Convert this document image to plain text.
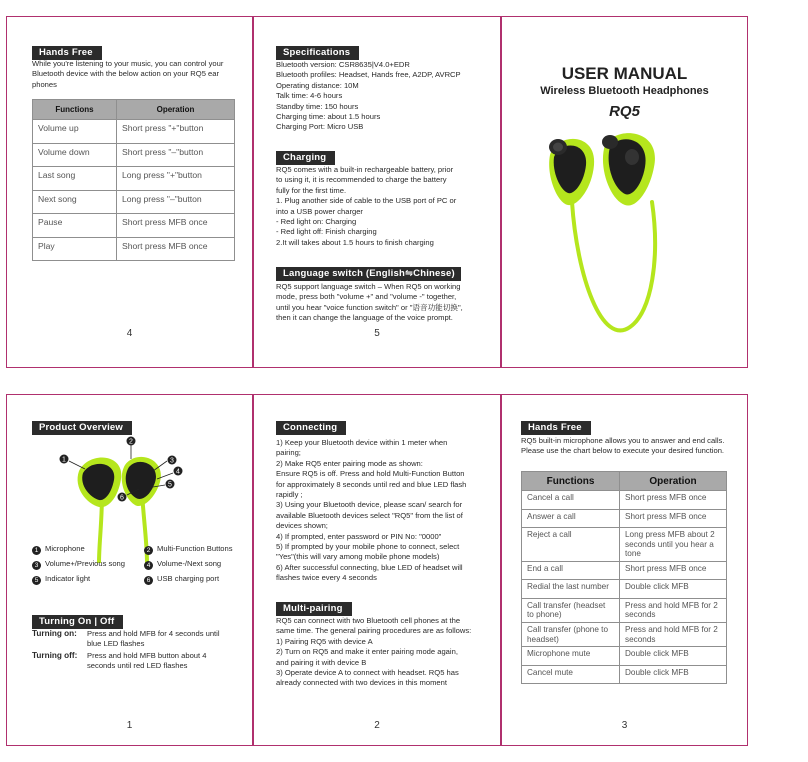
Hands Free
While you're listening to your music, you can control your Bluetooth device with the below action on your RQ5 ear phones
Functions	Operation
Volume up	Short press "+"button
Volume down	Short press "–"button
Last song	Long press "+"button
Next song	Long press "–"button
Pause	Short press MFB once
Play	Short press MFB once
4
Specifications
Bluetooth version: CSR8635|V4.0+EDR
Bluetooth profiles: Headset, Hands free, A2DP, AVRCP
Operating distance: 10M
Talk time: 4-6 hours
Standby time: 150 hours
Charging time: about 1.5 hours
Charging Port: Micro USB
Charging
RQ5 comes with a built-in rechargeable battery, prior
to using it, it is recommended to charge the battery
fully for the first time.
1. Plug another side of cable to the USB port of PC or
into a USB power charger
- Red light on: Charging
- Red light off: Finish charging
2.It will takes about 1.5 hours to finish charging
Language switch (English⇋Chinese)
RQ5 support language switch – When RQ5 on working
mode, press both "volume +" and "volume -" together,
until you hear "voice function switch" or "语音功能切换",
then it can change the language of the voice prompt.
5
USER MANUAL
Wireless Bluetooth Headphones
RQ5
Product Overview
1
2
3
4
5
6
1 Microphone	2 Multi-Function Buttons
3 Volume+/Previous song	4 Volume-/Next song
5 Indicator light	6 USB charging port
Turning On | Off
Turning on:	Press and hold MFB for 4 seconds until blue LED flashes
Turning off:	Press and hold MFB button about 4 seconds until red LED flashes
1
Connecting
1) Keep your Bluetooth device within 1 meter when
pairing;
2) Make RQ5 enter pairing mode as shown:
Ensure RQ5 is off. Press and hold Multi-Function Button
for approximately 8 seconds until red and blue LED flash
rapidly ;
3) Using your Bluetooth device, please scan/ search for
available Bluetooth devices select "RQ5" from the list of
devices shown;
4) If prompted, enter password or PIN No: "0000"
5) If prompted by your mobile phone to connect, select
"Yes"(this will vary among mobile phone models)
6) After successful connecting, blue LED of headset will
flashes twice every 4 seconds
Multi-pairing
RQ5 can connect with two Bluetooth cell phones at the
same time. The general pairing procedures are as follows:
1) Pairing RQ5 with device A
2) Turn on RQ5 and make it enter pairing mode again,
and pairing it with device B
3) Operate device A to connect with headset. RQ5 has
already connected with two devices in this moment
2
Hands Free
RQ5 built-in microphone allows you to answer and end calls. Please use the chart below to execute your desired function.
Functions	Operation
Cancel a call	Short press MFB once
Answer a call	Short press MFB once
Reject a call	Long press MFB about 2 seconds until you hear a tone
End a call	Short press MFB once
Redial the last number	Double click MFB
Call transfer (headset to phone)	Press and hold MFB for 2 seconds
Call transfer (phone to headset)	Press and hold MFB for 2 seconds
Microphone mute	Double click MFB
Cancel mute	Double click MFB
3
